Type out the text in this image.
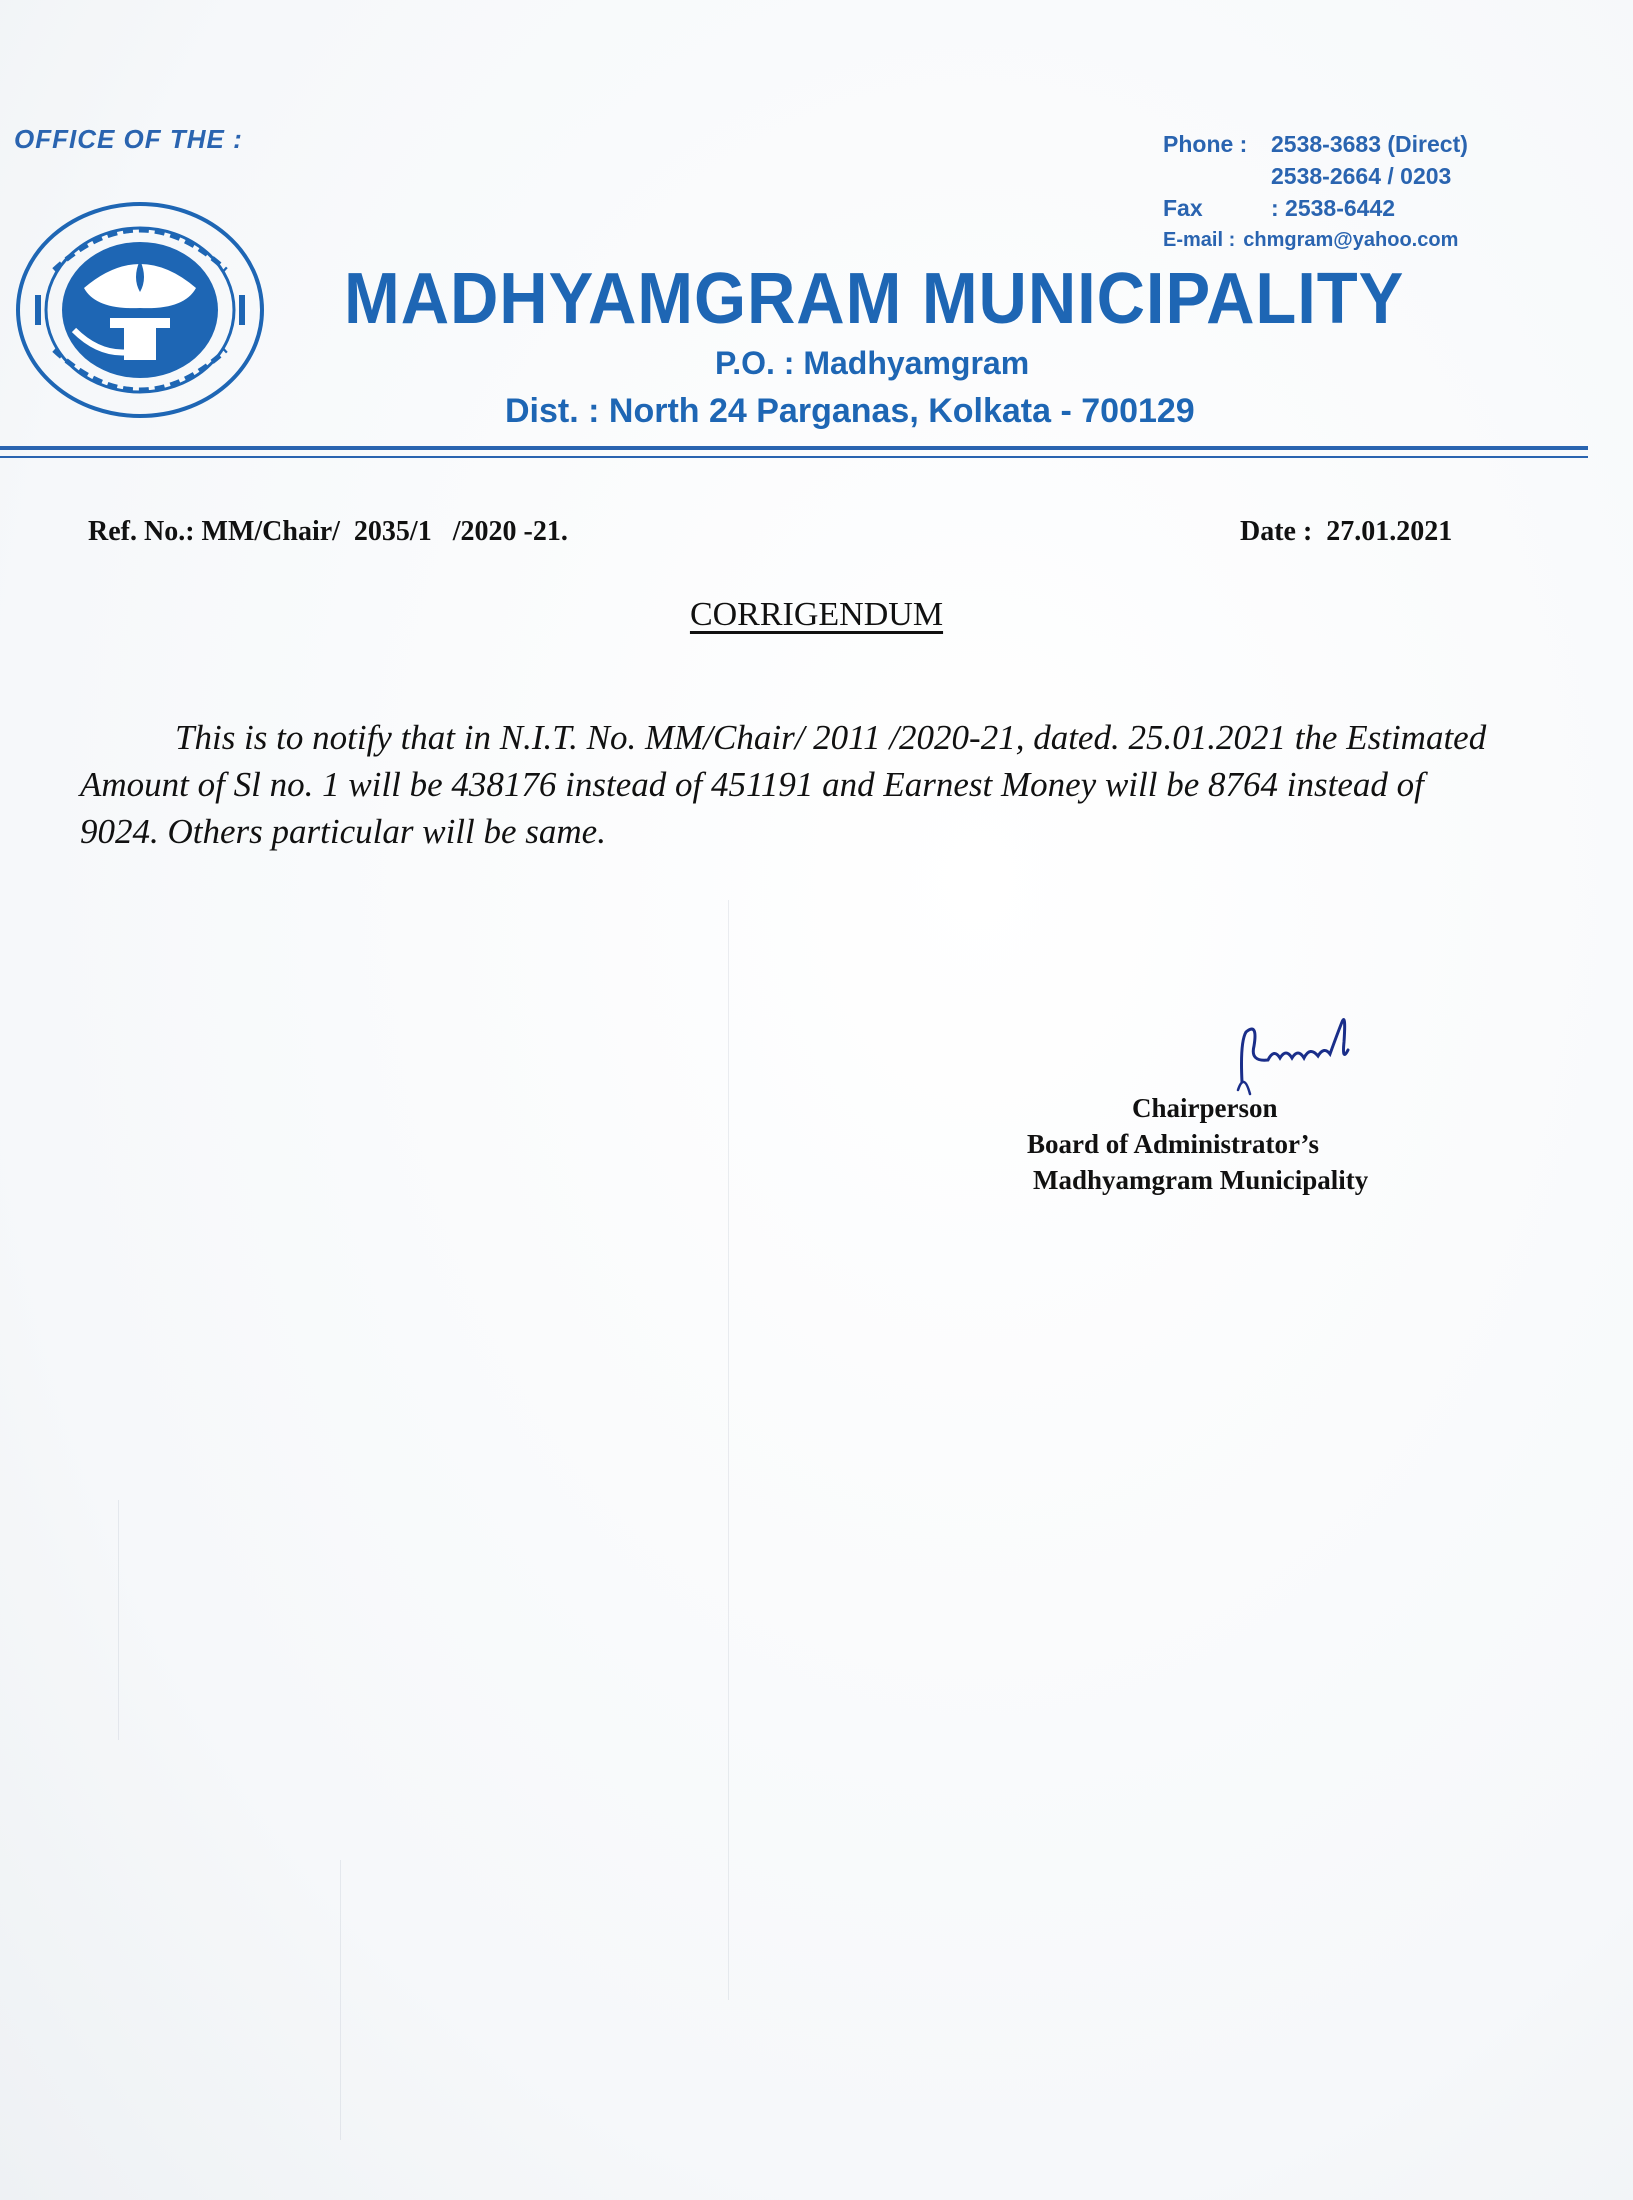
OFFICE OF THE :	Phone : 2538-3683 (Direct)
2538-2664 / 0203
Fax	: 2538-6442
E-mail : chmgram@yahoo.com
MADHYAMGRAM MUNICIPALITY
P.O. : Madhyamgram
Dist. : North 24 Parganas, Kolkata - 700129
Ref. No.: MM/Chair/  2035/1   /2020 -21.	Date :  27.01.2021
CORRIGENDUM
This is to notify that in N.I.T. No. MM/Chair/ 2011 /2020-21, dated. 25.01.2021 the Estimated Amount of Sl no. 1 will be 438176 instead of 451191 and Earnest Money will be 8764 instead of 9024. Others particular will be same.
Chairperson
Board of Administrator’s
Madhyamgram Municipality
